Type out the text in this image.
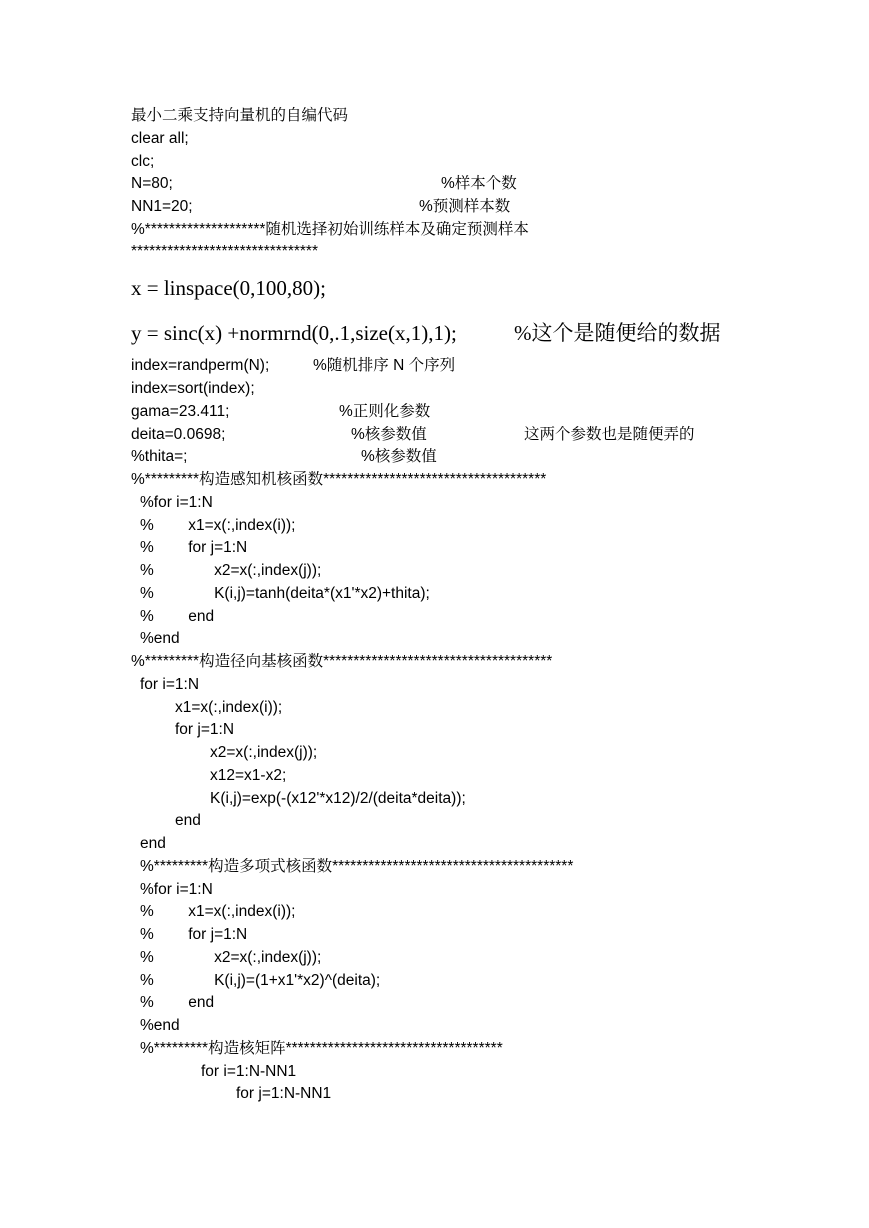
最小二乘支持向量机的自编代码
clear all;
clc;
N=80;	%样本个数
NN1=20;	%预测样本数
%********************随机选择初始训练样本及确定预测样本
*******************************
x = linspace(0,100,80);
y = sinc(x) +normrnd(0,.1,size(x,1),1);	%这个是随便给的数据
index=randperm(N);	%随机排序 N 个序列
index=sort(index);
gama=23.411;	%正则化参数
deita=0.0698;	%核参数值	这两个参数也是随便弄的
%thita=;	%核参数值
%*********构造感知机核函数*************************************
%for i=1:N
%        x1=x(:,index(i));
%        for j=1:N
%              x2=x(:,index(j));
%              K(i,j)=tanh(deita*(x1'*x2)+thita);
%        end
%end
%*********构造径向基核函数**************************************
for i=1:N
x1=x(:,index(i));
for j=1:N
x2=x(:,index(j));
x12=x1-x2;
K(i,j)=exp(-(x12'*x12)/2/(deita*deita));
end
end
%*********构造多项式核函数****************************************
%for i=1:N
%        x1=x(:,index(i));
%        for j=1:N
%              x2=x(:,index(j));
%              K(i,j)=(1+x1'*x2)^(deita);
%        end
%end
%*********构造核矩阵************************************
for i=1:N-NN1
for j=1:N-NN1
